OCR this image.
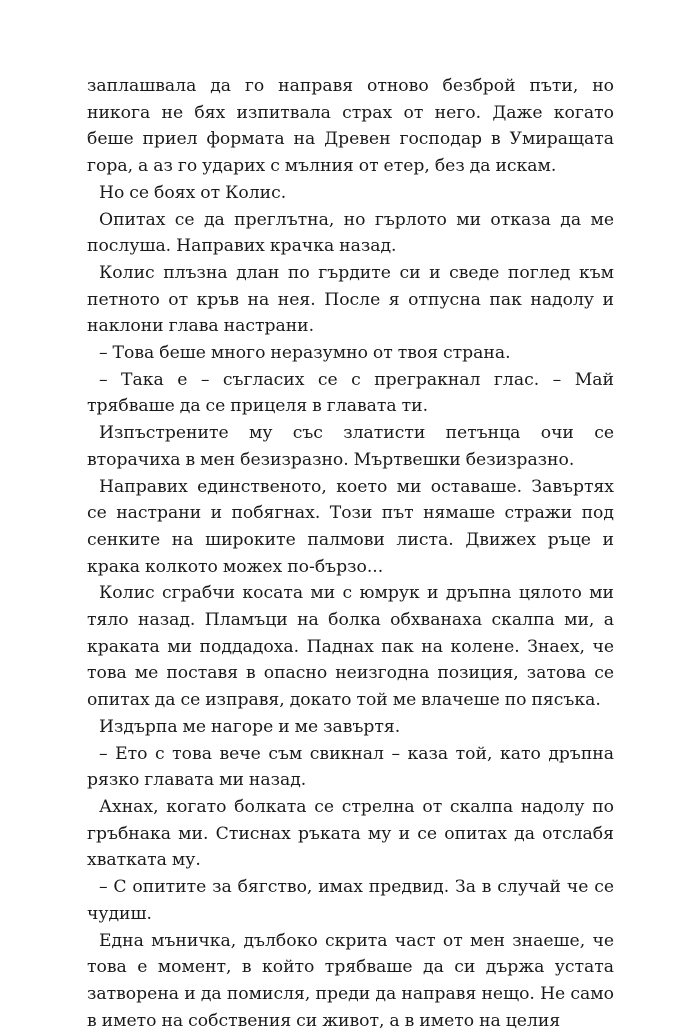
заплашвала да го направя отново безброй пъти, но никога не бях изпитвала страх от него. Даже когато беше приел формата на Древен господар в Умиращата гора, а аз го ударих с мълния от етер, без да искам.

Но се боях от Колис.

Опитах се да преглътна, но гърлото ми отказа да ме послуша. Направих крачка назад.

Колис плъзна длан по гърдите си и сведе поглед към петното от кръв на нея. После я отпусна пак надолу и наклони глава настрани.

– Това беше много неразумно от твоя страна.

– Така е – съгласих се с прегракнал глас. – Май трябваше да се прицеля в главата ти.

Изпъстрените му със златисти петънца очи се вторачиха в мен безизразно. Мъртвешки безизразно.

Направих единственото, което ми оставаше. Завъртях се настрани и побягнах. Този път нямаше стражи под сенките на широките палмови листа. Движех ръце и крака колкото можех по-бързо...

Колис сграбчи косата ми с юмрук и дръпна цялото ми тяло назад. Пламъци на болка обхванаха скалпа ми, а краката ми поддадоха. Паднах пак на колене. Знаех, че това ме поставя в опасно неизгодна позиция, затова се опитах да се изправя, докато той ме влачеше по пясъка.

Издърпа ме нагоре и ме завъртя.

– Ето с това вече съм свикнал – каза той, като дръпна рязко главата ми назад.

Ахнах, когато болката се стрелна от скалпа надолу по гръбнака ми. Стиснах ръката му и се опитах да отслабя хватката му.

– С опитите за бягство, имах предвид. За в случай че се чудиш.

Една мъничка, дълбоко скрита част от мен знаеше, че това е момент, в който трябваше да си държа устата затворена и да помисля, преди да направя нещо. Не само в името на собствения си живот, а в името на целия
